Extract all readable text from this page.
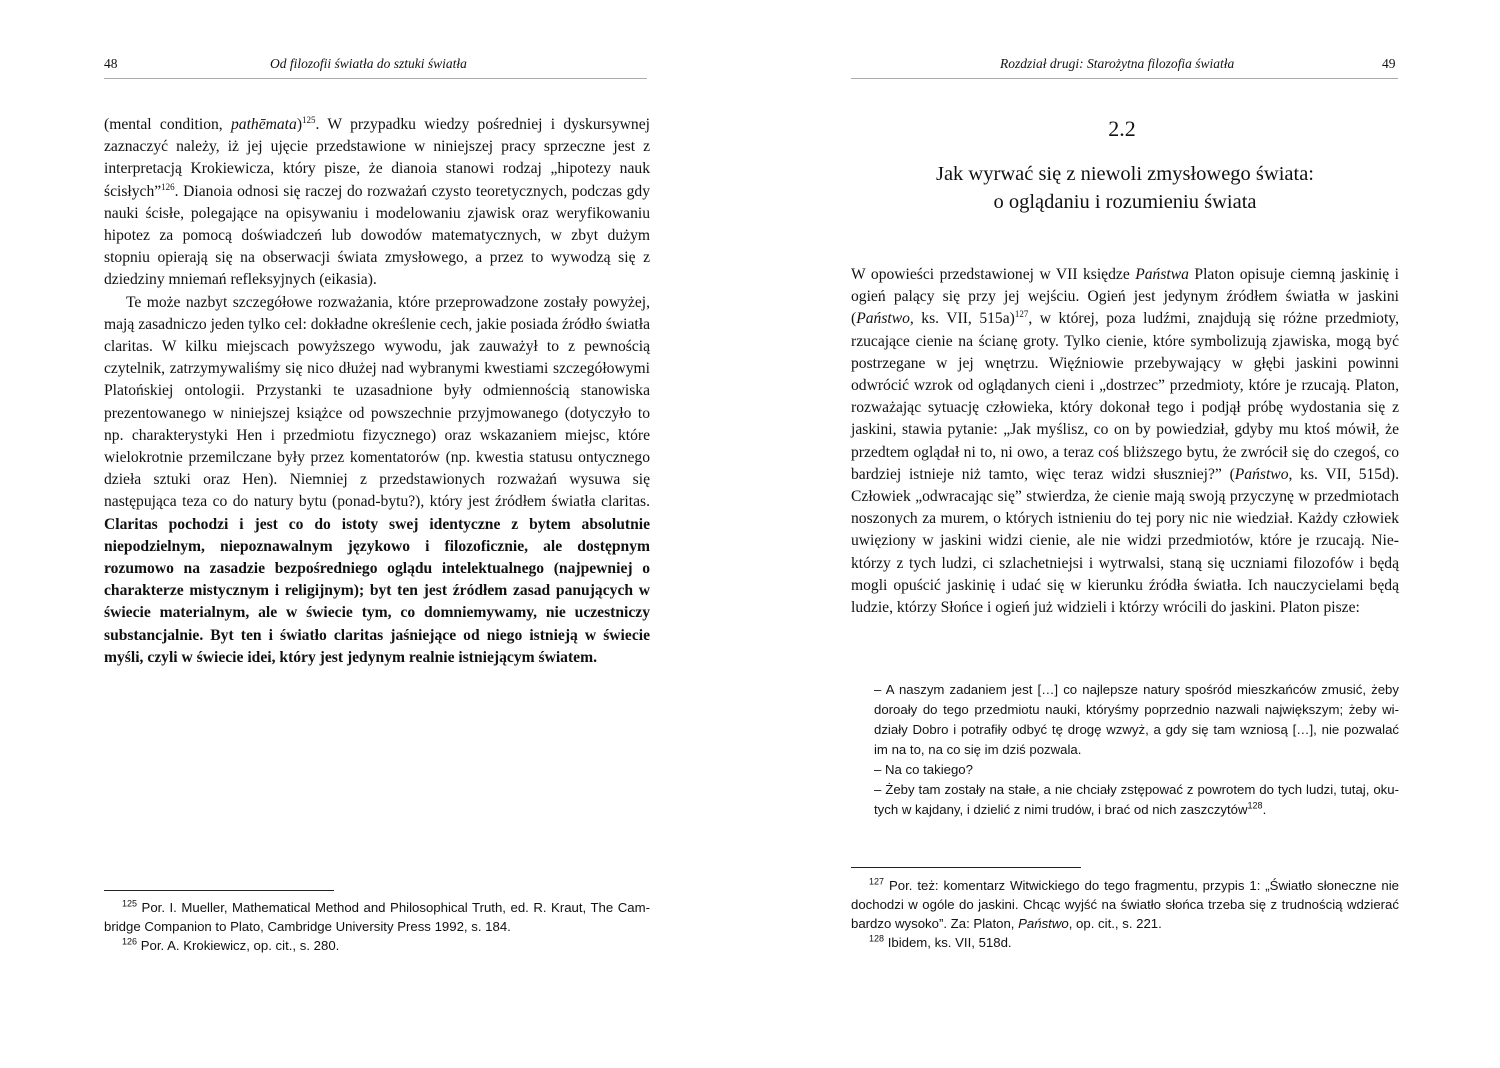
48	Od filozofii światła do sztuki światła

(mental condition, pathēmata)$^{125}$. W przypadku wiedzy pośredniej i dyskursywnej zaznaczyć należy, iż jej ujęcie przedstawione w niniejszej pracy sprzeczne jest z interpretacją Krokiewicza, który pisze, że dianoia stanowi rodzaj „hipotezy nauk ścisłych”$^{126}$. Dianoia odnosi się raczej do rozważań czysto teoretycznych, podczas gdy nauki ścisłe, polegające na opisywaniu i modelowaniu zjawisk oraz weryfikowaniu hipotez za pomocą doświadczeń lub dowodów matematycznych, w zbyt dużym stopniu opierają się na obserwacji świata zmysłowego, a przez to wywodzą się z dziedziny mniemań refleksyjnych (eikasia).

Te może nazbyt szczegółowe rozważania, które przeprowadzone zostały powyżej, mają zasadniczo jeden tylko cel: dokładne określenie cech, jakie posiada źródło światła claritas. W kilku miejscach powyższego wywodu, jak zauważył to z pewnością czytelnik, zatrzymywaliśmy się nico dłużej nad wybranymi kwestiami szczegółowymi Platońskiej ontologii. Przystanki te uzasadnione były odmiennością stanowiska prezentowanego w niniejszej książce od powszechnie przyjmowanego (dotyczyło to np. charakterystyki Hen i przedmiotu fizycznego) oraz wskazaniem miejsc, które wielokrotnie przemilczane były przez komentatorów (np. kwestia statusu ontycznego dzieła sztuki oraz Hen). Niemniej z przedstawionych rozważań wysuwa się następująca teza co do natury bytu (ponad-bytu?), który jest źródłem światła claritas. Claritas pochodzi i jest co do istoty swej identyczne z bytem absolutnie niepodzielnym, niepoznawalnym językowo i filozoficznie, ale dostępnym rozumowo na zasadzie bezpośredniego oglądu intelektualnego (najpewniej o charakterze mistycznym i religijnym); byt ten jest źródłem zasad panujących w świecie materialnym, ale w świecie tym, co domniemywamy, nie uczestniczy substancjalnie. Byt ten i światło claritas jaśniejące od niego istnieją w świecie myśli, czyli w świecie idei, który jest jedynym realnie istniejącym światem.

$^{125}$ Por. I. Mueller, Mathematical Method and Philosophical Truth, ed. R. Kraut, The Cambridge Companion to Plato, Cambridge University Press 1992, s. 184.

$^{126}$ Por. A. Krokiewicz, op. cit., s. 280.

Rozdział drugi: Starożytna filozofia światła	49
2.2
Jak wyrwać się z niewoli zmysłowego świata:
o oglądaniu i rozumieniu świata

W opowieści przedstawionej w VII księdze Państwa Platon opisuje ciemną jaskinię i ogień palący się przy jej wejściu. Ogień jest jedynym źródłem światła w jaskini (Państwo, ks. VII, 515a)$^{127}$, w której, poza ludźmi, znajdują się różne przedmioty, rzucające cienie na ścianę groty. Tylko cienie, które symbolizują zjawiska, mogą być postrzegane w jej wnętrzu. Więźniowie przebywający w głębi jaskini powinni odwrócić wzrok od oglądanych cieni i „dostrzec” przedmioty, które je rzucają. Platon, rozważając sytuację człowieka, który dokonał tego i podjął próbę wydostania się z jaskini, stawia pytanie: „Jak myślisz, co on by powiedział, gdyby mu ktoś mówił, że przedtem oglądał ni to, ni owo, a teraz coś bliższego bytu, że zwrócił się do czegoś, co bardziej istnieje niż tamto, więc teraz widzi słuszniej?” (Państwo, ks. VII, 515d). Człowiek „odwracając się” stwierdza, że cienie mają swoją przyczynę w przedmiotach noszonych za murem, o których istnieniu do tej pory nic nie wiedział. Każdy człowiek uwięziony w jaskini widzi cienie, ale nie widzi przedmiotów, które je rzucają. Niektórzy z tych ludzi, ci szlachetniejsi i wytrwalsi, staną się uczniami filozofów i będą mogli opuścić jaskinię i udać się w kierunku źródła światła. Ich nauczycielami będą ludzie, którzy Słońce i ogień już widzieli i którzy wrócili do jaskini. Platon pisze:

– A naszym zadaniem jest […] co najlepsze natury spośród mieszkańców zmusić, żeby doroały do tego przedmiotu nauki, któryśmy poprzednio nazwali największym; żeby widziały Dobro i potrafiły odbyć tę drogę wzwyż, a gdy się tam wzniosą […], nie pozwalać im na to, na co się im dziś pozwala.

– Na co takiego?

– Żeby tam zostały na stałe, a nie chciały zstępować z powrotem do tych ludzi, tutaj, okutych w kajdany, i dzielić z nimi trudów, i brać od nich zaszczytów$^{128}$.

$^{127}$ Por. też: komentarz Witwickiego do tego fragmentu, przypis 1: „Światło słoneczne nie dochodzi w ogóle do jaskini. Chcąc wyjść na światło słońca trzeba się z trudnością wdzierać bardzo wysoko”. Za: Platon, Państwo, op. cit., s. 221.

$^{128}$ Ibidem, ks. VII, 518d.
